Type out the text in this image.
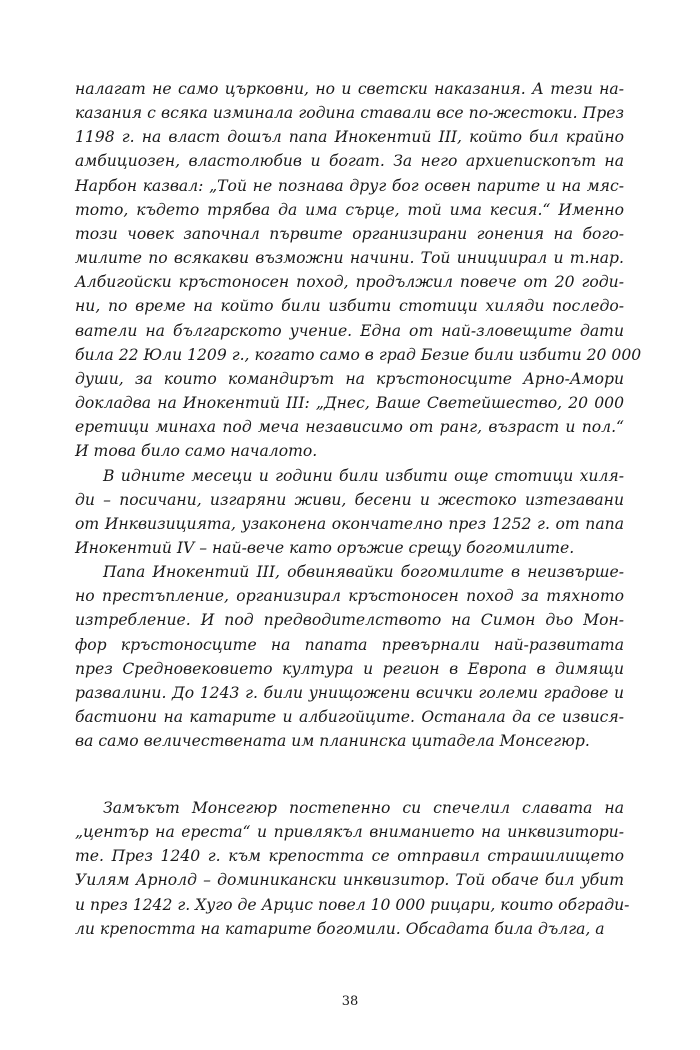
налагат не само църковни, но и светски наказания. А тези на-
казания с всяка изминала година ставали все по-жестоки. През
1198 г. на власт дошъл папа Инокентий III, който бил крайно
амбициозен, властолюбив и богат. За него архиепископът на
Нарбон казвал: „Той не познава друг бог освен парите и на мяс-
тото, където трябва да има сърце, той има кесия.“ Именно
този човек започнал първите организирани гонения на бого-
милите по всякакви възможни начини. Той инициирал и т.нар.
Албигойски кръстоносен поход, продължил повече от 20 годи-
ни, по време на който били избити стотици хиляди последо-
ватели на българското учение. Една от най-зловещите дати
била 22 Юли 1209 г., когато само в град Безие били избити 20 000
души, за които командирът на кръстоносците Арно-Амори
докладва на Инокентий III: „Днес, Ваше Светейшество, 20 000
еретици минаха под меча независимо от ранг, възраст и пол.“
И това било само началото.

В идните месеци и години били избити още стотици хиля-
ди – посичани, изгаряни живи, бесени и жестоко изтезавани
от Инквизицията, узаконена окончателно през 1252 г. от папа
Инокентий IV – най-вече като оръжие срещу богомилите.

Папа Инокентий III, обвинявайки богомилите в неизвърше-
но престъпление, организирал кръстоносен поход за тяхното
изтребление. И под предводителството на Симон дьо Мон-
фор кръстоносците на папата превърнали най-развитата
през Средновековието култура и регион в Европа в димящи
развалини. До 1243 г. били унищожени всички големи градове и
бастиони на катарите и албигойците. Останала да се извися-
ва само величествената им планинска цитадела Монсегюр.

Замъкът Монсегюр постепенно си спечелил славата на
„център на ереста“ и привлякъл вниманието на инквизитори-
те. През 1240 г. към крепостта се отправил страшилището
Уилям Арнолд – доминикански инквизитор. Той обаче бил убит
и през 1242 г. Хуго де Арцис повел 10 000 рицари, които обгради-
ли крепостта на катарите богомили. Обсадата била дълга, а

38
